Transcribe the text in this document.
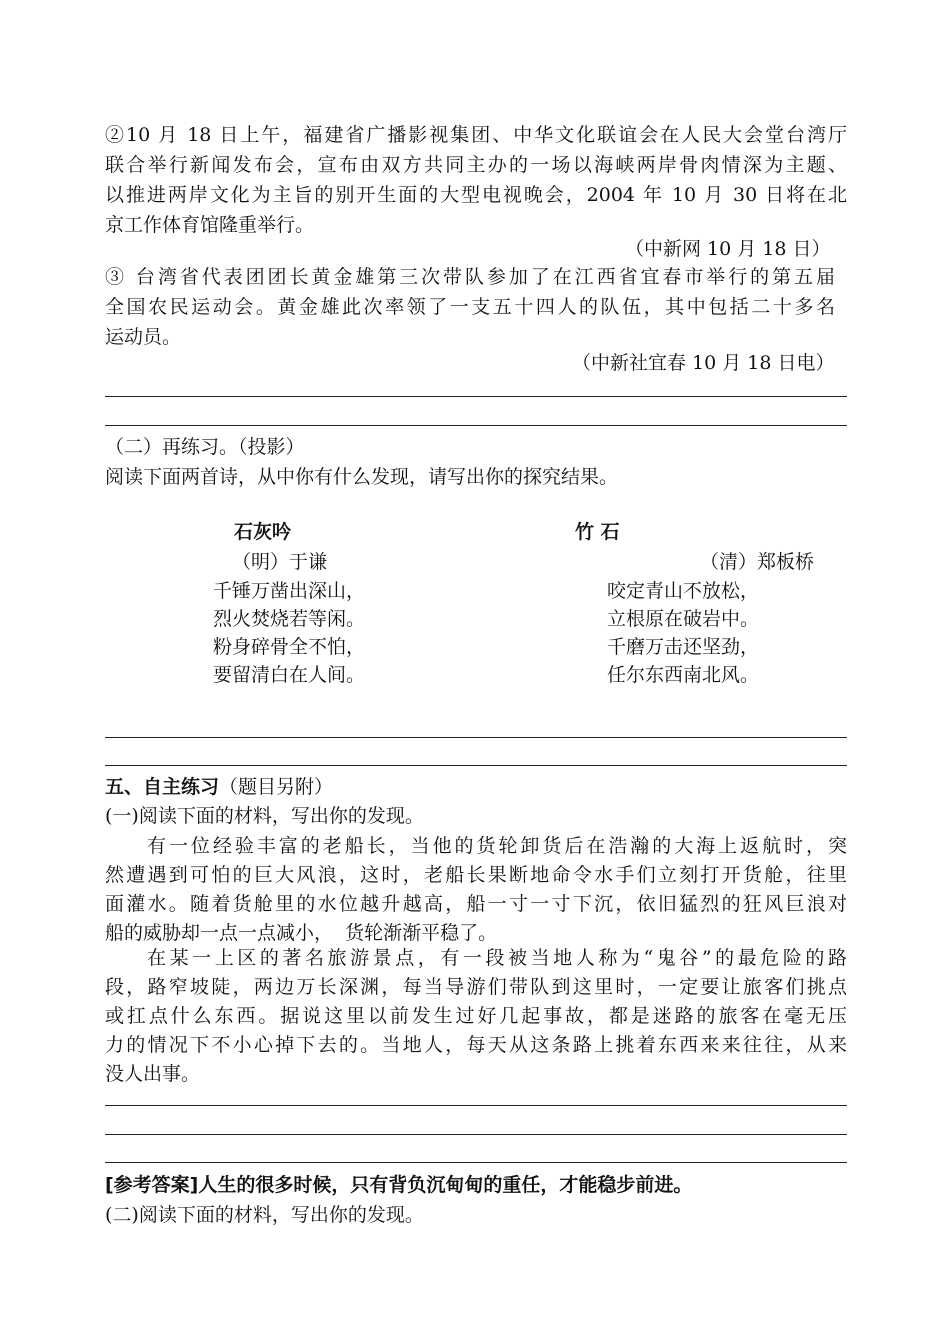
②10 月 18 日上午，福建省广播影视集团、中华文化联谊会在人民大会堂台湾厅
联合举行新闻发布会，宣布由双方共同主办的一场以海峡两岸骨肉情深为主题、
以推进两岸文化为主旨的别开生面的大型电视晚会，2004 年 10 月 30 日将在北
京工作体育馆隆重举行。
（中新网 10 月 18 日）
③ 台湾省代表团团长黄金雄第三次带队参加了在江西省宜春市举行的第五届
全国农民运动会。黄金雄此次率领了一支五十四人的队伍，其中包括二十多名
运动员。
（中新社宜春 10 月 18 日电）
（二）再练习。（投影）
阅读下面两首诗，从中你有什么发现，请写出你的探究结果。
石灰吟
（明）于谦
千锤万凿出深山，
烈火焚烧若等闲。
粉身碎骨全不怕，
要留清白在人间。
竹 石
（清）郑板桥
咬定青山不放松，
立根原在破岩中。
千磨万击还坚劲，
任尔东西南北风。
五、自主练习（题目另附）
(一)阅读下面的材料，写出你的发现。
有一位经验丰富的老船长，当他的货轮卸货后在浩瀚的大海上返航时，突
然遭遇到可怕的巨大风浪，这时，老船长果断地命令水手们立刻打开货舱，往里
面灌水。随着货舱里的水位越升越高，船一寸一寸下沉，依旧猛烈的狂风巨浪对
船的威胁却一点一点减小，  货轮渐渐平稳了。
在某一上区的著名旅游景点，有一段被当地人称为“鬼谷”的最危险的路
段，路窄坡陡，两边万长深渊，每当导游们带队到这里时，一定要让旅客们挑点
或扛点什么东西。据说这里以前发生过好几起事故，都是迷路的旅客在毫无压
力的情况下不小心掉下去的。当地人，每天从这条路上挑着东西来来往往，从来
没人出事。
[参考答案]人生的很多时候，只有背负沉甸甸的重任，才能稳步前进。
(二)阅读下面的材料，写出你的发现。
